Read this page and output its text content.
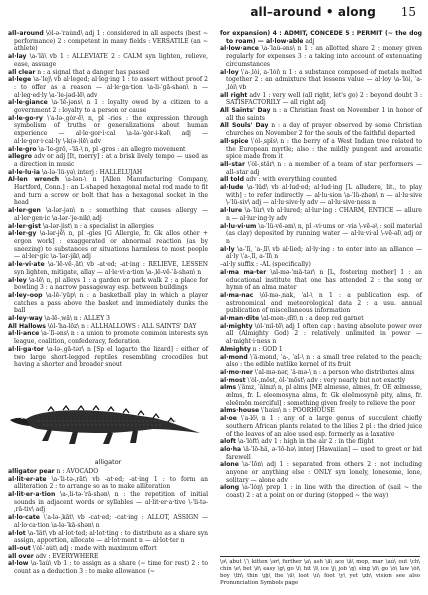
all–around • along 15

all–around \ȯl-ə-ˈrau̇nd\ adj 1 : considered in all aspects (best ~ performance) 2 : competent in many fields : VERSATILE (an ~ athlete)

al·lay \a-ˈlā\ vb 1 : ALLEVIATE 2 : CALM syn lighten, relieve, ease, assuage

all clear n : a signal that a danger has passed

al·lege \a-ˈlej\ vb al·leged; al·leg·ing 1 : to assert without proof 2 : to offer as a reason — al·le·ga·tion \a-li-ˈgā-shən\ n — al·leg·ed·ly \a-ˈle-jəd-lē\ adv

al·le·giance \a-ˈlē-jəns\ n 1 : loyalty owed by a citizen to a government 2 : loyalty to a person or cause

al·le·go·ry \ˈa-lə-ˌgȯr-ē\ n, pl -ries : the expression through symbolism of truths or generalizations about human experience — al·le·gor·i·cal \a-lə-ˈgȯr-i-kəl\ adj — al·le·gor·i·cal·ly \-k(ə-)lē\ adv

al·le·gro \a-ˈle-grō, -ˈlā-\ n, pl -gros : an allegro movement

allegro adv or adj [It, merry] : at a brisk lively tempo — used as a direction in music

al·le·lu·ia \a-lə-ˈlü-yə\ interj : HALLELUJAH

Al·len wrench \a-lən-\ n [Allen Manufacturing Company, Hartford, Conn.] : an L-shaped hexagonal metal rod made to fit and turn a screw or bolt that has a hexagonal socket in the head

al·ler·gen \a-lər-jən\ n : something that causes allergy — al·ler·gen·ic \a-lər-ˈje-nik\ adj

al·ler·gist \a-lər-jist\ n : a specialist in allergies

al·ler·gy \a-lər-jē\ n, pl -gies [G Allergie, fr. Gk allos other + ergon work] : exaggerated or abnormal reaction (as by sneezing) to substances or situations harmless to most people — al·ler·gic \a-ˈlər-jik\ adj

al·le·vi·ate \a-ˈlē-vē-ˌāt\ vb -at·ed; -at·ing : RELIEVE, LESSEN syn lighten, mitigate, allay — al·le·vi·a·tion \a-ˌlē-vē-ˈā-shən\ n

al·ley \a-lē\ n, pl alleys 1 : a garden or park walk 2 : a place for bowling 3 : a narrow passageway esp. between buildings

al·ley–oop \a-lē-ˈyüp\ n : a basketball play in which a player catches a pass above the basket and immediately dunks the ball

al·ley·way \a-lē-ˌwā\ n : ALLEY 3

All Hallows \ȯl-ˈha-lōz\ n : ALLHALLOWS : ALL SAINTS' DAY

al·li·ance \a-ˈlī-əns\ n : a union to promote common interests syn league, coalition, confederacy, federation

al·li·ga·tor \a-lə-ˌgā-tər\ n [Sp el lagarto the lizard] : either of two large short-legged reptiles resembling crocodiles but having a shorter and broader snout

alligator

alligator pear n : AVOCADO

al·lit·er·ate \a-ˈli-tə-ˌrāt\ vb -at·ed; -at·ing 1 : to form an alliteration 2 : to arrange so as to make alliteration

al·lit·er·a·tion \a-ˌli-tə-ˈrā-shən\ n : the repetition of initial sounds in adjacent words or syllables — al·lit·er·a·tive \-ˈli-tə-ˌrā-tiv\ adj

al·lo·cate \ˈa-lə-ˌkāt\ vb -cat·ed; -cat·ing : ALLOT, ASSIGN — al·lo·ca·tion \a-lə-ˈkā-shən\ n

al·lot \a-ˈlät\ vb al·lot·ted; al·lot·ting : to distribute as a share syn assign, apportion, allocate — al·lot·ment n — al·lot·ter n

all–out \ˈȯl-ˈau̇t\ adj : made with maximum effort

all over adv : EVERYWHERE

al·low \a-ˈlau̇\ vb 1 : to assign as a share (~ time for rest) 2 : to count as a deduction 3 : to make allowance (~

for expansion) 4 : ADMIT, CONCEDE 5 : PERMIT (~ the dog to roam) — al·low·able adj

al·low·ance \a-ˈlau̇-əns\ n 1 : an allotted share 2 : money given regularly for expenses 3 : a taking into account of extenuating circumstances

al·loy \ˈa-ˌlȯi, a-ˈlȯi\ n 1 : a substance composed of metals melted together 2 : an admixture that lessens value — al·loy \a-ˈlȯi, ˈa-ˌlȯi\ vb

all right adv 1 : very well (all right, let's go) 2 : beyond doubt 3 : SATISFACTORILY — all right adj

All Saints' Day n : a Christian feast on November 1 in honor of all the saints

All Souls' Day n : a day of prayer observed by some Christian churches on November 2 for the souls of the faithful departed

all·spice \ˈȯl-ˌspīs\ n : the berry of a West Indian tree related to the European myrtle; also : the mildly pungent and aromatic spice made from it

all–star \ˈȯl-ˌstär\ n : a member of a team of star performers — all–star adj

all told adv : with everything counted

al·lude \a-ˈlüd\ vb al·lud·ed; al·lud·ing [L alludere, lit., to play with] : to refer indirectly — al·lu·sion \a-ˈlü-zhən\ n — al·lu·sive \-ˈlü-siv\ adj — al·lu·sive·ly adv — al·lu·sive·ness n

al·lure \a-ˈlu̇r\ vb al·lured; al·lur·ing : CHARM, ENTICE — allure n — al·lur·ing·ly adv

al·lu·vi·um \a-ˈlü-vē-əm\ n, pl -vi·ums or -via \-vē-ə\ : soil material (as clay) deposited by running water — al·lu·vi·al \-vē-əl\ adj or n

al·ly \a-ˈlī, ˈa-ˌlī\ vb al·lied; al·ly·ing : to enter into an alliance — al·ly \ˈa-ˌlī, a-ˈlī\ n

–al·ly suffix : -AL (specifically)

al·ma ma·ter \al-mə-ˈmä-tər\ n [L, fostering mother] 1 : an educational institute that one has attended 2 : the song or hymn of an alma mater

al·ma·nac \ȯl-mə-ˌnak, ˈal-\ n 1 : a publication esp. of astronomical and meteorological data 2 : a usu. annual publication of miscellaneous information

al·man·dite \al-mən-ˌdīt\ n : a deep red garnet

al·mighty \ȯl-ˈmī-tē\ adj 1 often cap : having absolute power over all (Almighty God) 2 : relatively unlimited in power — al·might·i·ness n

Almighty n : GOD 1

al·mond \ˈä-mənd, ˈa-, ˈal-\ n : a small tree related to the peach; also : the edible nutlike kernel of its fruit

al·mo·ner \ˈal-mə-nər, ˈä-mə-\ n : a person who distributes alms

al·most \ˈȯl-ˌmōst, ȯl-ˈmōst\ adv : very nearly but not exactly

alms \ˈämz, ˈälmz\ n, pl alms [ME almesse, almes, fr. OE ælmesse, ælms, fr. L eleemosyna alms, fr. Gk eleēmosynē pity, alms, fr. eleēmōn merciful] : something given freely to relieve the poor

alms·house \ˈhau̇s\ n : POORHOUSE

al·oe \ˈa-lō\ n 1 : any of a large genus of succulent chiefly southern African plants related to the lilies 2 pl : the dried juice of the leaves of an aloe used esp. formerly as a laxative

aloft \a-ˈlȯft\ adv 1 : high in the air 2 : in the flight

alo·ha \ä-ˈlō-hä, ə-ˈlō-hə\ interj [Hawaiian] — used to greet or bid farewell

alone \a-ˈlōn\ adj 1 : separated from others 2 : not including anyone or anything else : ONLY syn lonely, lonesome, lone, solitary — alone adv

along \a-ˈlȯŋ\ prep 1 : in line with the direction of (sail ~ the coast) 2 : at a point on or during (stopped ~ the way)

\ə\ abut \ˈ\ kitten \ər\ further \a\ ash \ā\ ace \ä\ mop, mar \au̇\ out \ch\ chin \e\ bet \ē\ easy \g\ go \i\ hit \ī\ ice \j\ job \ŋ\ sing \ō\ go \ȯ\ law \ȯi\ boy \th\ thin \t͟h\ the \ü\ loot \u̇\ foot \y\ yet \zh\ vision see also Pronunciation Symbols page
